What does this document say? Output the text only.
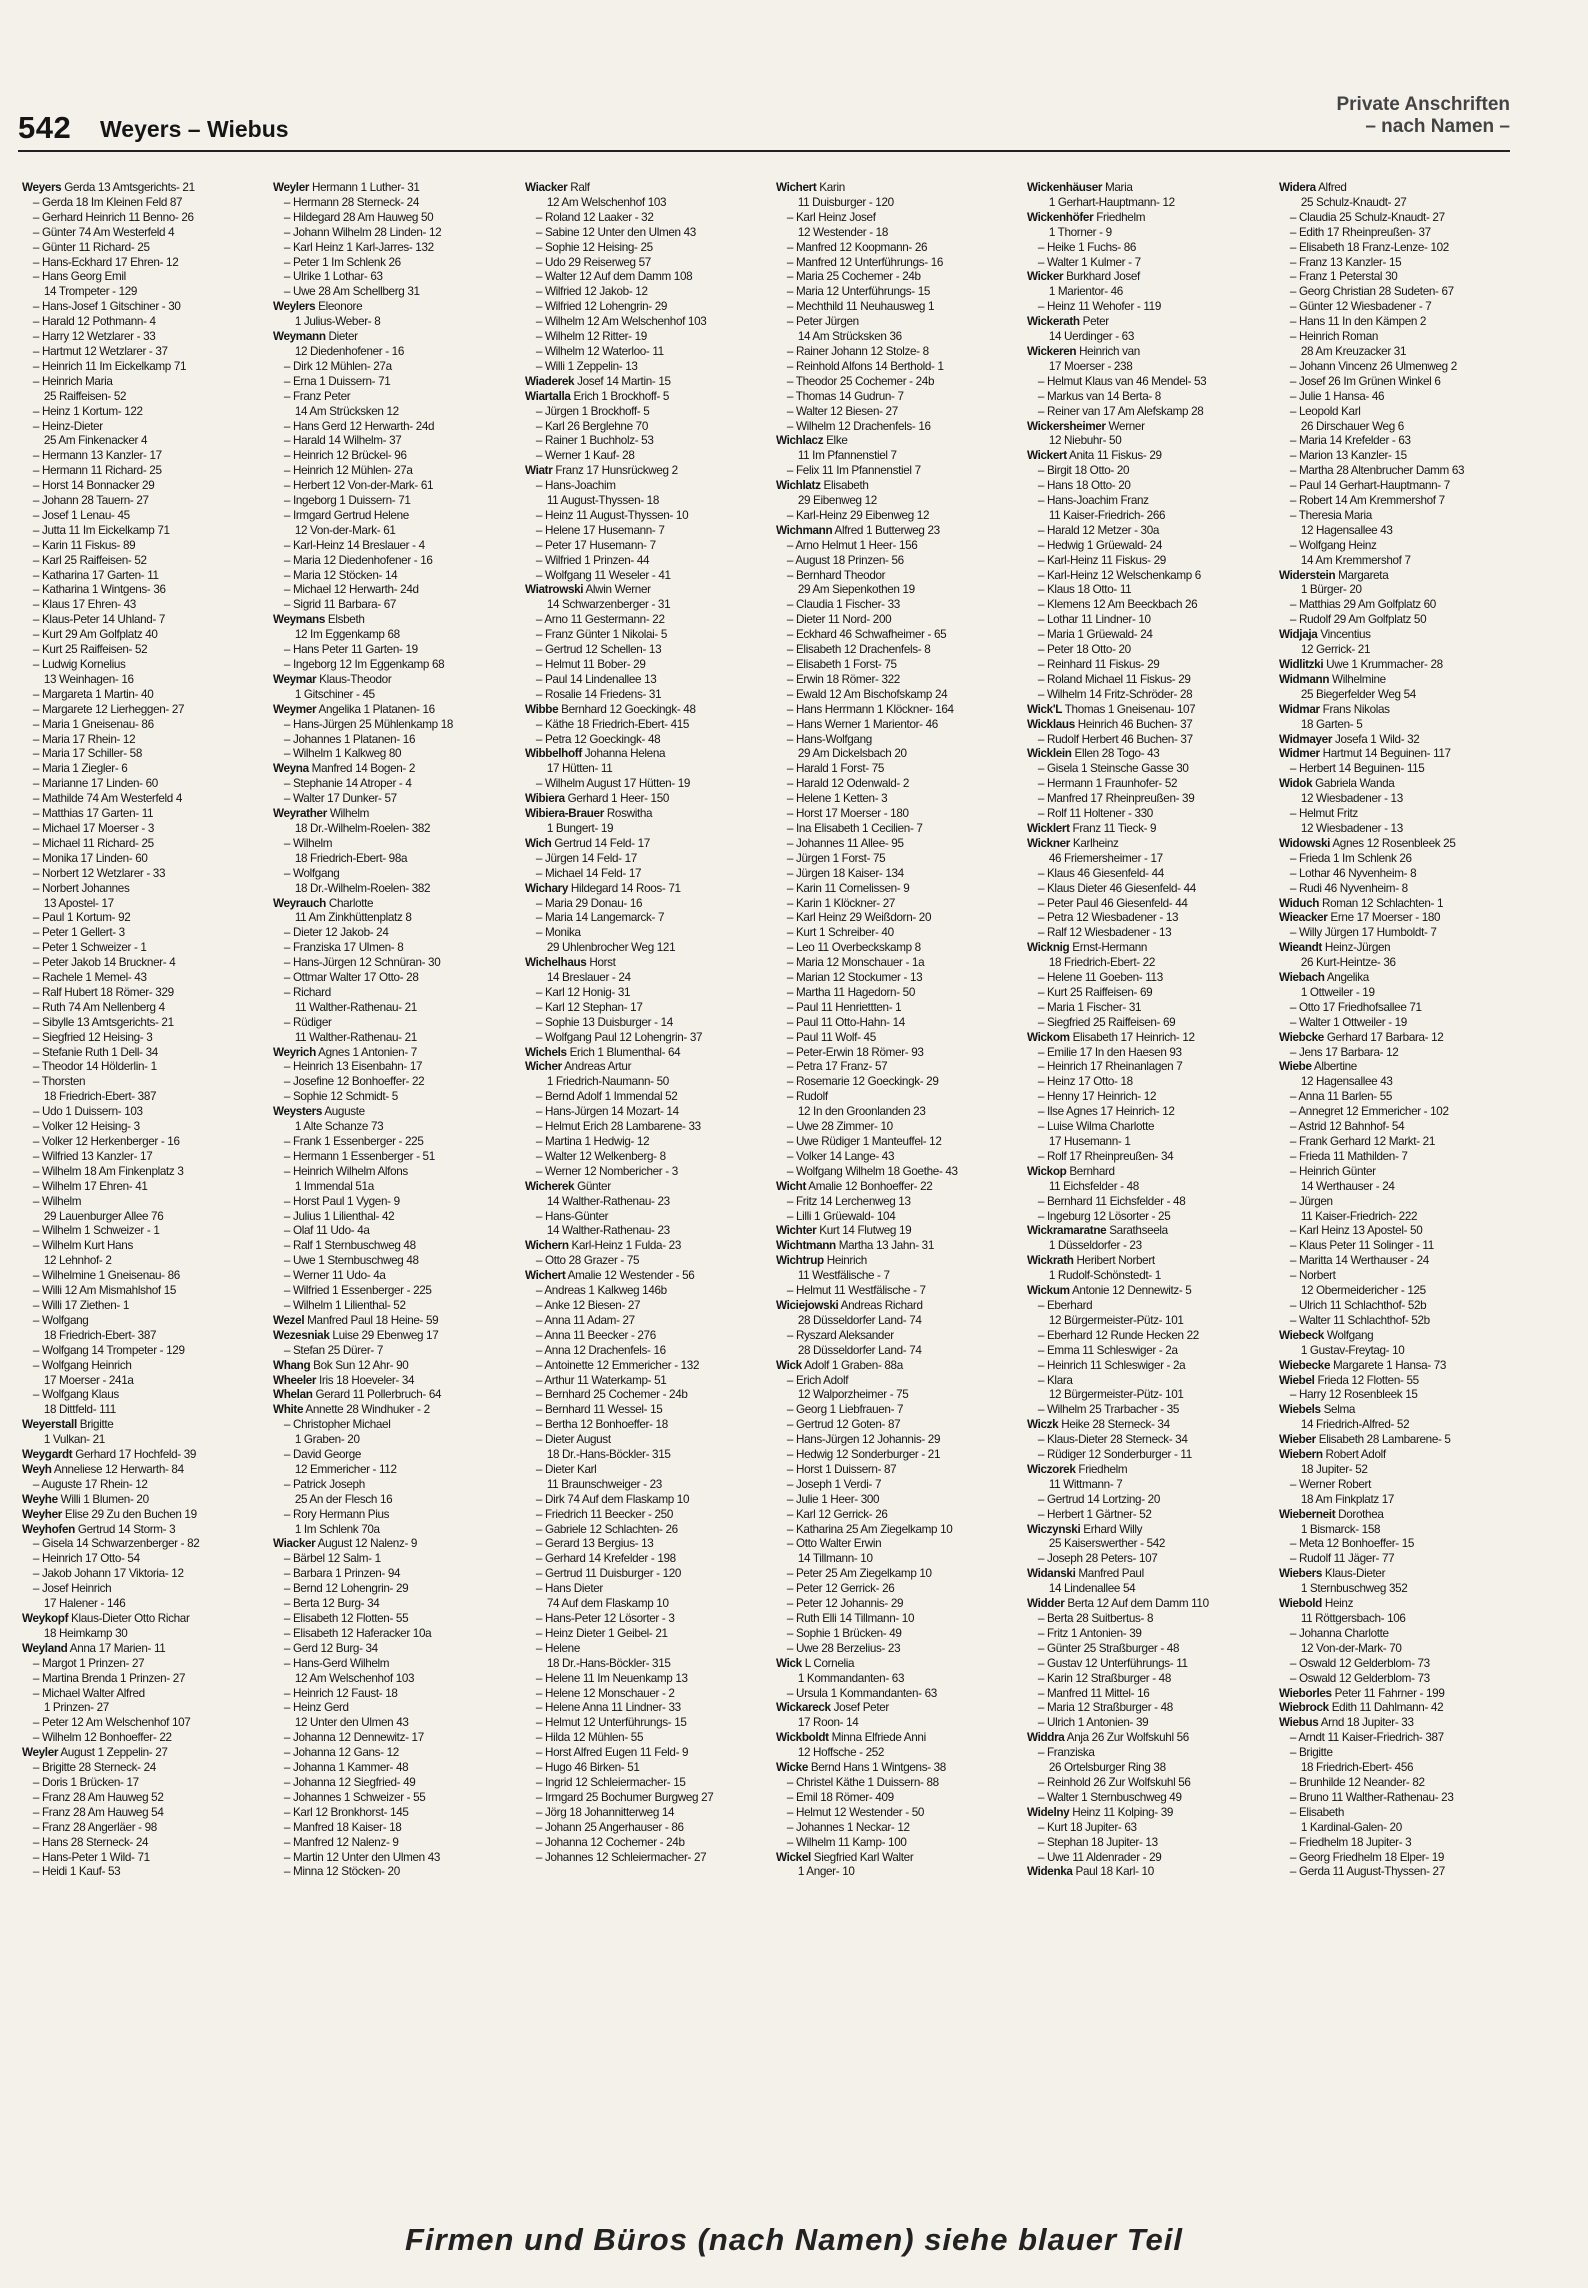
542 Weyers – Wiebus
Private Anschriften
– nach Namen –
Weyers Gerda 13 Amtsgerichts- 21
– Gerda 18 Im Kleinen Feld 87
– Gerhard Heinrich 11 Benno- 26
– Günter 74 Am Westerfeld 4
– Günter 11 Richard- 25
– Hans-Eckhard 17 Ehren- 12
– Hans Georg Emil
14 Trompeter - 129
– Hans-Josef 1 Gitschiner - 30
– Harald 12 Pothmann- 4
– Harry 12 Wetzlarer - 33
– Hartmut 12 Wetzlarer - 37
– Heinrich 11 Im Eickelkamp 71
– Heinrich Maria
25 Raiffeisen- 52
– Heinz 1 Kortum- 122
– Heinz-Dieter
25 Am Finkenacker 4
– Hermann 13 Kanzler- 17
– Hermann 11 Richard- 25
– Horst 14 Bonnacker 29
– Johann 28 Tauern- 27
– Josef 1 Lenau- 45
– Jutta 11 Im Eickelkamp 71
– Karin 11 Fiskus- 89
– Karl 25 Raiffeisen- 52
– Katharina 17 Garten- 11
– Katharina 1 Wintgens- 36
– Klaus 17 Ehren- 43
– Klaus-Peter 14 Uhland- 7
– Kurt 29 Am Golfplatz 40
– Kurt 25 Raiffeisen- 52
– Ludwig Kornelius
13 Weinhagen- 16
– Margareta 1 Martin- 40
– Margarete 12 Lierheggen- 27
– Maria 1 Gneisenau- 86
– Maria 17 Rhein- 12
– Maria 17 Schiller- 58
– Maria 1 Ziegler- 6
– Marianne 17 Linden- 60
– Mathilde 74 Am Westerfeld 4
– Matthias 17 Garten- 11
– Michael 17 Moerser - 3
– Michael 11 Richard- 25
– Monika 17 Linden- 60
– Norbert 12 Wetzlarer - 33
– Norbert Johannes
13 Apostel- 17
– Paul 1 Kortum- 92
– Peter 1 Gellert- 3
– Peter 1 Schweizer - 1
– Peter Jakob 14 Bruckner- 4
– Rachele 1 Memel- 43
– Ralf Hubert 18 Römer- 329
– Ruth 74 Am Nellenberg 4
– Sibylle 13 Amtsgerichts- 21
– Siegfried 12 Heising- 3
– Stefanie Ruth 1 Dell- 34
– Theodor 14 Hölderlin- 1
– Thorsten
18 Friedrich-Ebert- 387
– Udo 1 Duissern- 103
– Volker 12 Heising- 3
– Volker 12 Herkenberger - 16
– Wilfried 13 Kanzler- 17
– Wilhelm 18 Am Finkenplatz 3
– Wilhelm 17 Ehren- 41
– Wilhelm
29 Lauenburger Allee 76
– Wilhelm 1 Schweizer - 1
– Wilhelm Kurt Hans
12 Lehnhof- 2
– Wilhelmine 1 Gneisenau- 86
– Willi 12 Am Mismahlshof 15
– Willi 17 Ziethen- 1
– Wolfgang
18 Friedrich-Ebert- 387
– Wolfgang 14 Trompeter - 129
– Wolfgang Heinrich
17 Moerser - 241a
– Wolfgang Klaus
18 Dittfeld- 111
Weyerstall Brigitte
1 Vulkan- 21
Weygardt Gerhard 17 Hochfeld- 39
Weyh Anneliese 12 Herwarth- 84
– Auguste 17 Rhein- 12
Weyhe Willi 1 Blumen- 20
Weyher Elise 29 Zu den Buchen 19
Weyhofen Gertrud 14 Storm- 3
– Gisela 14 Schwarzenberger - 82
– Heinrich 17 Otto- 54
– Jakob Johann 17 Viktoria- 12
– Josef Heinrich
17 Halener - 146
Weykopf Klaus-Dieter Otto Richar
18 Heimkamp 30
Weyland Anna 17 Marien- 11
– Margot 1 Prinzen- 27
– Martina Brenda 1 Prinzen- 27
– Michael Walter Alfred
1 Prinzen- 27
– Peter 12 Am Welschenhof 107
– Wilhelm 12 Bonhoeffer- 22
Weyler August 1 Zeppelin- 27
– Brigitte 28 Sterneck- 24
– Doris 1 Brücken- 17
– Franz 28 Am Hauweg 52
– Franz 28 Am Hauweg 54
– Franz 28 Angerläer - 98
– Hans 28 Sterneck- 24
– Hans-Peter 1 Wild- 71
– Heidi 1 Kauf- 53
Weyler Hermann 1 Luther- 31
– Hermann 28 Sterneck- 24
– Hildegard 28 Am Hauweg 50
– Johann Wilhelm 28 Linden- 12
– Karl Heinz 1 Karl-Jarres- 132
– Peter 1 Im Schlenk 26
– Ulrike 1 Lothar- 63
– Uwe 28 Am Schellberg 31
Weylers Eleonore
1 Julius-Weber- 8
Weymann Dieter
12 Diedenhofener - 16
– Dirk 12 Mühlen- 27a
– Erna 1 Duissern- 71
– Franz Peter
14 Am Strücksken 12
– Hans Gerd 12 Herwarth- 24d
– Harald 14 Wilhelm- 37
– Heinrich 12 Brückel- 96
– Heinrich 12 Mühlen- 27a
– Herbert 12 Von-der-Mark- 61
– Ingeborg 1 Duissern- 71
– Irmgard Gertrud Helene
12 Von-der-Mark- 61
– Karl-Heinz 14 Breslauer - 4
– Maria 12 Diedenhofener - 16
– Maria 12 Stöcken- 14
– Michael 12 Herwarth- 24d
– Sigrid 11 Barbara- 67
Weymans Elsbeth
12 Im Eggenkamp 68
– Hans Peter 11 Garten- 19
– Ingeborg 12 Im Eggenkamp 68
Weymar Klaus-Theodor
1 Gitschiner - 45
Weymer Angelika 1 Platanen- 16
– Hans-Jürgen 25 Mühlenkamp 18
– Johannes 1 Platanen- 16
– Wilhelm 1 Kalkweg 80
Weyna Manfred 14 Bogen- 2
– Stephanie 14 Atroper - 4
– Walter 17 Dunker- 57
Weyrather Wilhelm
18 Dr.-Wilhelm-Roelen- 382
– Wilhelm
18 Friedrich-Ebert- 98a
– Wolfgang
18 Dr.-Wilhelm-Roelen- 382
Weyrauch Charlotte
11 Am Zinkhüttenplatz 8
– Dieter 12 Jakob- 24
– Franziska 17 Ulmen- 8
– Hans-Jürgen 12 Schnüran- 30
– Ottmar Walter 17 Otto- 28
– Richard
11 Walther-Rathenau- 21
– Rüdiger
11 Walther-Rathenau- 21
Weyrich Agnes 1 Antonien- 7
– Heinrich 13 Eisenbahn- 17
– Josefine 12 Bonhoeffer- 22
– Sophie 12 Schmidt- 5
Weysters Auguste
1 Alte Schanze 73
– Frank 1 Essenberger - 225
– Hermann 1 Essenberger - 51
– Heinrich Wilhelm Alfons
1 Immendal 51a
– Horst Paul 1 Vygen- 9
– Julius 1 Lilienthal- 42
– Olaf 11 Udo- 4a
– Ralf 1 Sternbuschweg 48
– Uwe 1 Sternbuschweg 48
– Werner 11 Udo- 4a
– Wilfried 1 Essenberger - 225
– Wilhelm 1 Lilienthal- 52
Wezel Manfred Paul 18 Heine- 59
Wezesniak Luise 29 Ebenweg 17
– Stefan 25 Dürer- 7
Whang Bok Sun 12 Ahr- 90
Wheeler Iris 18 Hoeveler- 34
Whelan Gerard 11 Pollerbruch- 64
White Annette 28 Windhuker - 2
– Christopher Michael
1 Graben- 20
– David George
12 Emmericher - 112
– Patrick Joseph
25 An der Flesch 16
– Rory Hermann Pius
1 Im Schlenk 70a
Wiacker August 12 Nalenz- 9
– Bärbel 12 Salm- 1
– Barbara 1 Prinzen- 94
– Bernd 12 Lohengrin- 29
– Berta 12 Burg- 34
– Elisabeth 12 Flotten- 55
– Elisabeth 12 Haferacker 10a
– Gerd 12 Burg- 34
– Hans-Gerd Wilhelm
12 Am Welschenhof 103
– Heinrich 12 Faust- 18
– Heinz Gerd
12 Unter den Ulmen 43
– Johanna 12 Dennewitz- 17
– Johanna 12 Gans- 12
– Johanna 1 Kammer- 48
– Johanna 12 Siegfried- 49
– Johannes 1 Schweizer - 55
– Karl 12 Bronkhorst- 145
– Manfred 18 Kaiser- 18
– Manfred 12 Nalenz- 9
– Martin 12 Unter den Ulmen 43
– Minna 12 Stöcken- 20
Wiacker Ralf
12 Am Welschenhof 103
– Roland 12 Laaker - 32
– Sabine 12 Unter den Ulmen 43
– Sophie 12 Heising- 25
– Udo 29 Reiserweg 57
– Walter 12 Auf dem Damm 108
– Wilfried 12 Jakob- 12
– Wilfried 12 Lohengrin- 29
– Wilhelm 12 Am Welschenhof 103
– Wilhelm 12 Ritter- 19
– Wilhelm 12 Waterloo- 11
– Willi 1 Zeppelin- 13
Wiaderek Josef 14 Martin- 15
Wiartalla Erich 1 Brockhoff- 5
– Jürgen 1 Brockhoff- 5
– Karl 26 Berglehne 70
– Rainer 1 Buchholz- 53
– Werner 1 Kauf- 28
Wiatr Franz 17 Hunsrückweg 2
– Hans-Joachim
11 August-Thyssen- 18
– Heinz 11 August-Thyssen- 10
– Helene 17 Husemann- 7
– Peter 17 Husemann- 7
– Wilfried 1 Prinzen- 44
– Wolfgang 11 Weseler - 41
Wiatrowski Alwin Werner
14 Schwarzenberger - 31
– Arno 11 Gestermann- 22
– Franz Günter 1 Nikolai- 5
– Gertrud 12 Schellen- 13
– Helmut 11 Bober- 29
– Paul 14 Lindenallee 13
– Rosalie 14 Friedens- 31
Wibbe Bernhard 12 Goeckingk- 48
– Käthe 18 Friedrich-Ebert- 415
– Petra 12 Goeckingk- 48
Wibbelhoff Johanna Helena
17 Hütten- 11
– Wilhelm August 17 Hütten- 19
Wibiera Gerhard 1 Heer- 150
Wibiera-Brauer Roswitha
1 Bungert- 19
Wich Gertrud 14 Feld- 17
– Jürgen 14 Feld- 17
– Michael 14 Feld- 17
Wichary Hildegard 14 Roos- 71
– Maria 29 Donau- 16
– Maria 14 Langemarck- 7
– Monika
29 Uhlenbrocher Weg 121
Wichelhaus Horst
14 Breslauer - 24
– Karl 12 Honig- 31
– Karl 12 Stephan- 17
– Sophie 13 Duisburger - 14
– Wolfgang Paul 12 Lohengrin- 37
Wichels Erich 1 Blumenthal- 64
Wicher Andreas Artur
1 Friedrich-Naumann- 50
– Bernd Adolf 1 Immendal 52
– Hans-Jürgen 14 Mozart- 14
– Helmut Erich 28 Lambarene- 33
– Martina 1 Hedwig- 12
– Walter 12 Welkenberg- 8
– Werner 12 Nombericher - 3
Wicherek Günter
14 Walther-Rathenau- 23
– Hans-Günter
14 Walther-Rathenau- 23
Wichern Karl-Heinz 1 Fulda- 23
– Otto 28 Grazer - 75
Wichert Amalie 12 Westender - 56
– Andreas 1 Kalkweg 146b
– Anke 12 Biesen- 27
– Anna 11 Adam- 27
– Anna 11 Beecker - 276
– Anna 12 Drachenfels- 16
– Antoinette 12 Emmericher - 132
– Arthur 11 Waterkamp- 51
– Bernhard 25 Cochemer - 24b
– Bernhard 11 Wessel- 15
– Bertha 12 Bonhoeffer- 18
– Dieter August
18 Dr.-Hans-Böckler- 315
– Dieter Karl
11 Braunschweiger - 23
– Dirk 74 Auf dem Flaskamp 10
– Friedrich 11 Beecker - 250
– Gabriele 12 Schlachten- 26
– Gerard 13 Bergius- 13
– Gerhard 14 Krefelder - 198
– Gertrud 11 Duisburger - 120
– Hans Dieter
74 Auf dem Flaskamp 10
– Hans-Peter 12 Lösorter - 3
– Heinz Dieter 1 Geibel- 21
– Helene
18 Dr.-Hans-Böckler- 315
– Helene 11 Im Neuenkamp 13
– Helene 12 Monschauer - 2
– Helene Anna 11 Lindner- 33
– Helmut 12 Unterführungs- 15
– Hilda 12 Mühlen- 55
– Horst Alfred Eugen 11 Feld- 9
– Hugo 46 Birken- 51
– Ingrid 12 Schleiermacher- 15
– Irmgard 25 Bochumer Burgweg 27
– Jörg 18 Johannitterweg 14
– Johann 25 Angerhauser - 86
– Johanna 12 Cochemer - 24b
– Johannes 12 Schleiermacher- 27
Wichert Karin
11 Duisburger - 120
– Karl Heinz Josef
12 Westender - 18
– Manfred 12 Koopmann- 26
– Manfred 12 Unterführungs- 16
– Maria 25 Cochemer - 24b
– Maria 12 Unterführungs- 15
– Mechthild 11 Neuhausweg 1
– Peter Jürgen
14 Am Strücksken 36
– Rainer Johann 12 Stolze- 8
– Reinhold Alfons 14 Berthold- 1
– Theodor 25 Cochemer - 24b
– Thomas 14 Gudrun- 7
– Walter 12 Biesen- 27
– Wilhelm 12 Drachenfels- 16
Wichlacz Elke
11 Im Pfannenstiel 7
– Felix 11 Im Pfannenstiel 7
Wichlatz Elisabeth
29 Eibenweg 12
– Karl-Heinz 29 Eibenweg 12
Wichmann Alfred 1 Butterweg 23
– Arno Helmut 1 Heer- 156
– August 18 Prinzen- 56
– Bernhard Theodor
29 Am Siepenkothen 19
– Claudia 1 Fischer- 33
– Dieter 11 Nord- 200
– Eckhard 46 Schwafheimer - 65
– Elisabeth 12 Drachenfels- 8
– Elisabeth 1 Forst- 75
– Erwin 18 Römer- 322
– Ewald 12 Am Bischofskamp 24
– Hans Herrmann 1 Klöckner- 164
– Hans Werner 1 Marientor- 46
– Hans-Wolfgang
29 Am Dickelsbach 20
– Harald 1 Forst- 75
– Harald 12 Odenwald- 2
– Helene 1 Ketten- 3
– Horst 17 Moerser - 180
– Ina Elisabeth 1 Cecilien- 7
– Johannes 11 Allee- 95
– Jürgen 1 Forst- 75
– Jürgen 18 Kaiser- 134
– Karin 11 Cornelissen- 9
– Karin 1 Klöckner- 27
– Karl Heinz 29 Weißdorn- 20
– Kurt 1 Schreiber- 40
– Leo 11 Overbeckskamp 8
– Maria 12 Monschauer - 1a
– Marian 12 Stockumer - 13
– Martha 11 Hagedorn- 50
– Paul 11 Henriettten- 1
– Paul 11 Otto-Hahn- 14
– Paul 11 Wolf- 45
– Peter-Erwin 18 Römer- 93
– Petra 17 Franz- 57
– Rosemarie 12 Goeckingk- 29
– Rudolf
12 In den Groonlanden 23
– Uwe 28 Zimmer- 10
– Uwe Rüdiger 1 Manteuffel- 12
– Volker 14 Lange- 43
– Wolfgang Wilhelm 18 Goethe- 43
Wicht Amalie 12 Bonhoeffer- 22
– Fritz 14 Lerchenweg 13
– Lilli 1 Grüewald- 104
Wichter Kurt 14 Flutweg 19
Wichtmann Martha 13 Jahn- 31
Wichtrup Heinrich
11 Westfälische - 7
– Helmut 11 Westfälische - 7
Wiciejowski Andreas Richard
28 Düsseldorfer Land- 74
– Ryszard Aleksander
28 Düsseldorfer Land- 74
Wick Adolf 1 Graben- 88a
– Erich Adolf
12 Walporzheimer - 75
– Georg 1 Liebfrauen- 7
– Gertrud 12 Goten- 87
– Hans-Jürgen 12 Johannis- 29
– Hedwig 12 Sonderburger - 21
– Horst 1 Duissern- 87
– Joseph 1 Verdi- 7
– Julie 1 Heer- 300
– Karl 12 Gerrick- 26
– Katharina 25 Am Ziegelkamp 10
– Otto Walter Erwin
14 Tillmann- 10
– Peter 25 Am Ziegelkamp 10
– Peter 12 Gerrick- 26
– Peter 12 Johannis- 29
– Ruth Elli 14 Tillmann- 10
– Sophie 1 Brücken- 49
– Uwe 28 Berzelius- 23
Wick L Cornelia
1 Kommandanten- 63
– Ursula 1 Kommandanten- 63
Wickareck Josef Peter
17 Roon- 14
Wickboldt Minna Elfriede Anni
12 Hoffsche - 252
Wicke Bernd Hans 1 Wintgens- 38
– Christel Käthe 1 Duissern- 88
– Emil 18 Römer- 409
– Helmut 12 Westender - 50
– Johannes 1 Neckar- 12
– Wilhelm 11 Kamp- 100
Wickel Siegfried Karl Walter
1 Anger- 10
Wickenhäuser Maria
1 Gerhart-Hauptmann- 12
Wickenhöfer Friedhelm
1 Thorner - 9
– Heike 1 Fuchs- 86
– Walter 1 Kulmer - 7
Wicker Burkhard Josef
1 Marientor- 46
– Heinz 11 Wehofer - 119
Wickerath Peter
14 Uerdinger - 63
Wickeren Heinrich van
17 Moerser - 238
– Helmut Klaus van 46 Mendel- 53
– Markus van 14 Berta- 8
– Reiner van 17 Am Alefskamp 28
Wickersheimer Werner
12 Niebuhr- 50
Wickert Anita 11 Fiskus- 29
– Birgit 18 Otto- 20
– Hans 18 Otto- 20
– Hans-Joachim Franz
11 Kaiser-Friedrich- 266
– Harald 12 Metzer - 30a
– Hedwig 1 Grüewald- 24
– Karl-Heinz 11 Fiskus- 29
– Karl-Heinz 12 Welschenkamp 6
– Klaus 18 Otto- 11
– Klemens 12 Am Beeckbach 26
– Lothar 11 Lindner- 10
– Maria 1 Grüewald- 24
– Peter 18 Otto- 20
– Reinhard 11 Fiskus- 29
– Roland Michael 11 Fiskus- 29
– Wilhelm 14 Fritz-Schröder- 28
Wick'L Thomas 1 Gneisenau- 107
Wicklaus Heinrich 46 Buchen- 37
– Rudolf Herbert 46 Buchen- 37
Wicklein Ellen 28 Togo- 43
– Gisela 1 Steinsche Gasse 30
– Hermann 1 Fraunhofer- 52
– Manfred 17 Rheinpreußen- 39
– Rolf 11 Holtener - 330
Wicklert Franz 11 Tieck- 9
Wickner Karlheinz
46 Friemersheimer - 17
– Klaus 46 Giesenfeld- 44
– Klaus Dieter 46 Giesenfeld- 44
– Peter Paul 46 Giesenfeld- 44
– Petra 12 Wiesbadener - 13
– Ralf 12 Wiesbadener - 13
Wicknig Ernst-Hermann
18 Friedrich-Ebert- 22
– Helene 11 Goeben- 113
– Kurt 25 Raiffeisen- 69
– Maria 1 Fischer- 31
– Siegfried 25 Raiffeisen- 69
Wickom Elisabeth 17 Heinrich- 12
– Emilie 17 In den Haesen 93
– Heinrich 17 Rheinanlagen 7
– Heinz 17 Otto- 18
– Henny 17 Heinrich- 12
– Ilse Agnes 17 Heinrich- 12
– Luise Wilma Charlotte
17 Husemann- 1
– Rolf 17 Rheinpreußen- 34
Wickop Bernhard
11 Eichsfelder - 48
– Bernhard 11 Eichsfelder - 48
– Ingeburg 12 Lösorter - 25
Wickramaratne Sarathseela
1 Düsseldorfer - 23
Wickrath Heribert Norbert
1 Rudolf-Schönstedt- 1
Wickum Antonie 12 Dennewitz- 5
– Eberhard
12 Bürgermeister-Pütz- 101
– Eberhard 12 Runde Hecken 22
– Emma 11 Schleswiger - 2a
– Heinrich 11 Schleswiger - 2a
– Klara
12 Bürgermeister-Pütz- 101
– Wilhelm 25 Trarbacher - 35
Wiczk Heike 28 Sterneck- 34
– Klaus-Dieter 28 Sterneck- 34
– Rüdiger 12 Sonderburger - 11
Wiczorek Friedhelm
11 Wittmann- 7
– Gertrud 14 Lortzing- 20
– Herbert 1 Gärtner- 52
Wiczynski Erhard Willy
25 Kaiserswerther - 542
– Joseph 28 Peters- 107
Widanski Manfred Paul
14 Lindenallee 54
Widder Berta 12 Auf dem Damm 110
– Berta 28 Suitbertus- 8
– Fritz 1 Antonien- 39
– Günter 25 Straßburger - 48
– Gustav 12 Unterführungs- 11
– Karin 12 Straßburger - 48
– Manfred 11 Mittel- 16
– Maria 12 Straßburger - 48
– Ulrich 1 Antonien- 39
Widdra Anja 26 Zur Wolfskuhl 56
– Franziska
26 Ortelsburger Ring 38
– Reinhold 26 Zur Wolfskuhl 56
– Walter 1 Sternbuschweg 49
Widelny Heinz 11 Kolping- 39
– Kurt 18 Jupiter- 63
– Stephan 18 Jupiter- 13
– Uwe 11 Aldenrader - 29
Widenka Paul 18 Karl- 10
Widera Alfred
25 Schulz-Knaudt- 27
– Claudia 25 Schulz-Knaudt- 27
– Edith 17 Rheinpreußen- 37
– Elisabeth 18 Franz-Lenze- 102
– Franz 13 Kanzler- 15
– Franz 1 Peterstal 30
– Georg Christian 28 Sudeten- 67
– Günter 12 Wiesbadener - 7
– Hans 11 In den Kämpen 2
– Heinrich Roman
28 Am Kreuzacker 31
– Johann Vincenz 26 Ulmenweg 2
– Josef 26 Im Grünen Winkel 6
– Julie 1 Hansa- 46
– Leopold Karl
26 Dirschauer Weg 6
– Maria 14 Krefelder - 63
– Marion 13 Kanzler- 15
– Martha 28 Altenbrucher Damm 63
– Paul 14 Gerhart-Hauptmann- 7
– Robert 14 Am Kremmershof 7
– Theresia Maria
12 Hagensallee 43
– Wolfgang Heinz
14 Am Kremmershof 7
Widerstein Margareta
1 Bürger- 20
– Matthias 29 Am Golfplatz 60
– Rudolf 29 Am Golfplatz 50
Widjaja Vincentius
12 Gerrick- 21
Widlitzki Uwe 1 Krummacher- 28
Widmann Wilhelmine
25 Biegerfelder Weg 54
Widmar Frans Nikolas
18 Garten- 5
Widmayer Josefa 1 Wild- 32
Widmer Hartmut 14 Beguinen- 117
– Herbert 14 Beguinen- 115
Widok Gabriela Wanda
12 Wiesbadener - 13
– Helmut Fritz
12 Wiesbadener - 13
Widowski Agnes 12 Rosenbleek 25
– Frieda 1 Im Schlenk 26
– Lothar 46 Nyvenheim- 8
– Rudi 46 Nyvenheim- 8
Widuch Roman 12 Schlachten- 1
Wieacker Erne 17 Moerser - 180
– Willy Jürgen 17 Humboldt- 7
Wieandt Heinz-Jürgen
26 Kurt-Heintze- 36
Wiebach Angelika
1 Ottweiler - 19
– Otto 17 Friedhofsallee 71
– Walter 1 Ottweiler - 19
Wiebcke Gerhard 17 Barbara- 12
– Jens 17 Barbara- 12
Wiebe Albertine
12 Hagensallee 43
– Anna 11 Barlen- 55
– Annegret 12 Emmericher - 102
– Astrid 12 Bahnhof- 54
– Frank Gerhard 12 Markt- 21
– Frieda 11 Mathilden- 7
– Heinrich Günter
14 Werthauser - 24
– Jürgen
11 Kaiser-Friedrich- 222
– Karl Heinz 13 Apostel- 50
– Klaus Peter 11 Solinger - 11
– Maritta 14 Werthauser - 24
– Norbert
12 Obermeidericher - 125
– Ulrich 11 Schlachthof- 52b
– Walter 11 Schlachthof- 52b
Wiebeck Wolfgang
1 Gustav-Freytag- 10
Wiebecke Margarete 1 Hansa- 73
Wiebel Frieda 12 Flotten- 55
– Harry 12 Rosenbleek 15
Wiebels Selma
14 Friedrich-Alfred- 52
Wieber Elisabeth 28 Lambarene- 5
Wiebern Robert Adolf
18 Jupiter- 52
– Werner Robert
18 Am Finkplatz 17
Wieberneit Dorothea
1 Bismarck- 158
– Meta 12 Bonhoeffer- 15
– Rudolf 11 Jäger- 77
Wiebers Klaus-Dieter
1 Sternbuschweg 352
Wiebold Heinz
11 Röttgersbach- 106
– Johanna Charlotte
12 Von-der-Mark- 70
– Oswald 12 Gelderblom- 73
– Oswald 12 Gelderblom- 73
Wieborles Peter 11 Fahrner - 199
Wiebrock Edith 11 Dahlmann- 42
Wiebus Arnd 18 Jupiter- 33
– Arndt 11 Kaiser-Friedrich- 387
– Brigitte
18 Friedrich-Ebert- 456
– Brunhilde 12 Neander- 82
– Bruno 11 Walther-Rathenau- 23
– Elisabeth
1 Kardinal-Galen- 20
– Friedhelm 18 Jupiter- 3
– Georg Friedhelm 18 Elper- 19
– Gerda 11 August-Thyssen- 27
Firmen und Büros (nach Namen) siehe blauer Teil
